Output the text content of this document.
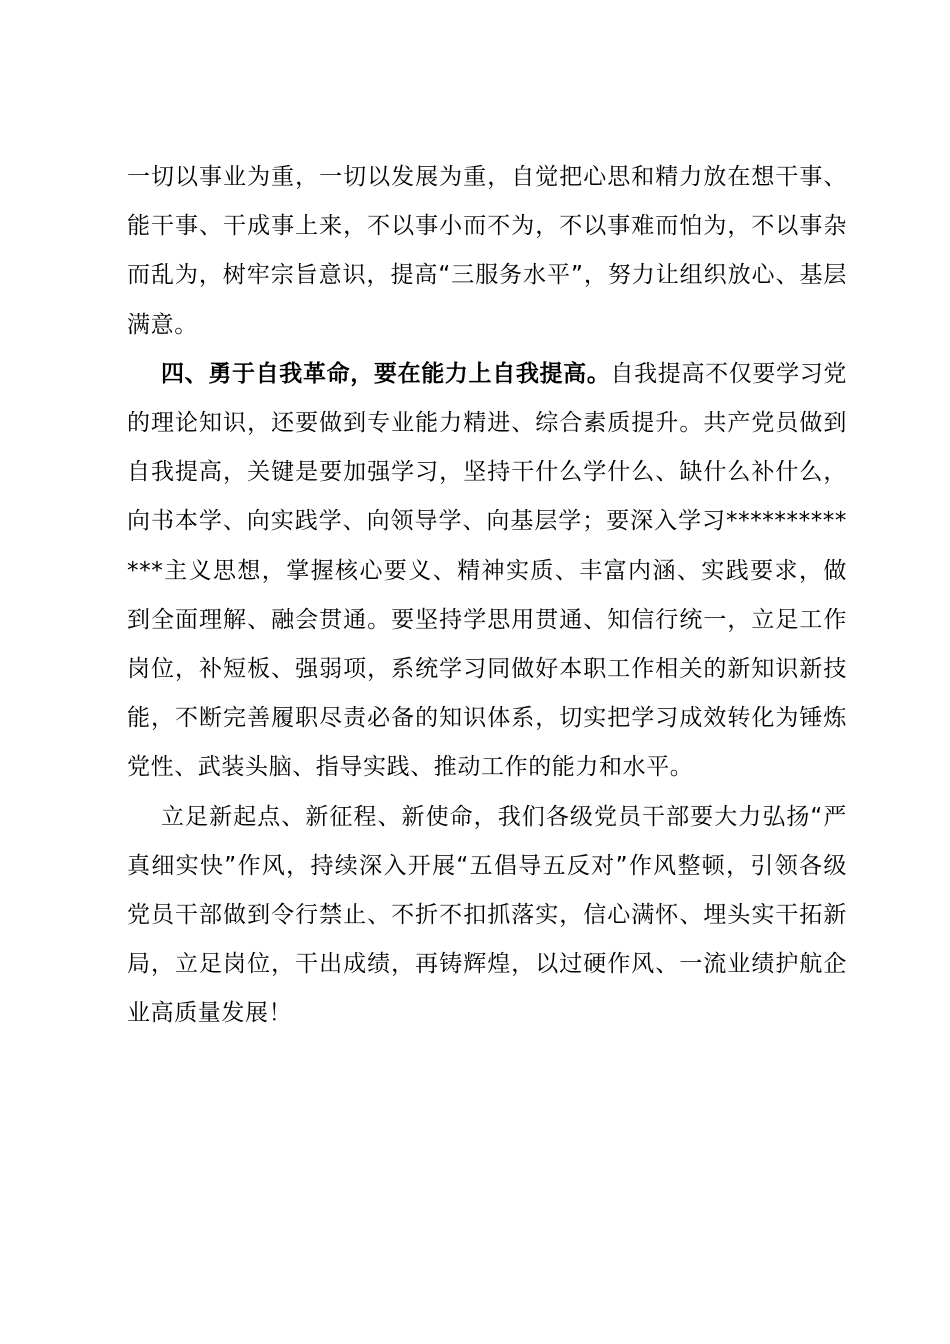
一切以事业为重，一切以发展为重，自觉把心思和精力放在想干事、能干事、干成事上来，不以事小而不为，不以事难而怕为，不以事杂而乱为，树牢宗旨意识，提高“三服务水平”，努力让组织放心、基层满意。

四、勇于自我革命，要在能力上自我提高。自我提高不仅要学习党的理论知识，还要做到专业能力精进、综合素质提升。共产党员做到自我提高，关键是要加强学习，坚持干什么学什么、缺什么补什么，向书本学、向实践学、向领导学、向基层学；要深入学习*************主义思想，掌握核心要义、精神实质、丰富内涵、实践要求，做到全面理解、融会贯通。要坚持学思用贯通、知信行统一，立足工作岗位，补短板、强弱项，系统学习同做好本职工作相关的新知识新技能，不断完善履职尽责必备的知识体系，切实把学习成效转化为锤炼党性、武装头脑、指导实践、推动工作的能力和水平。

立足新起点、新征程、新使命，我们各级党员干部要大力弘扬“严真细实快”作风，持续深入开展“五倡导五反对”作风整顿，引领各级党员干部做到令行禁止、不折不扣抓落实，信心满怀、埋头实干拓新局，立足岗位，干出成绩，再铸辉煌，以过硬作风、一流业绩护航企业高质量发展！
